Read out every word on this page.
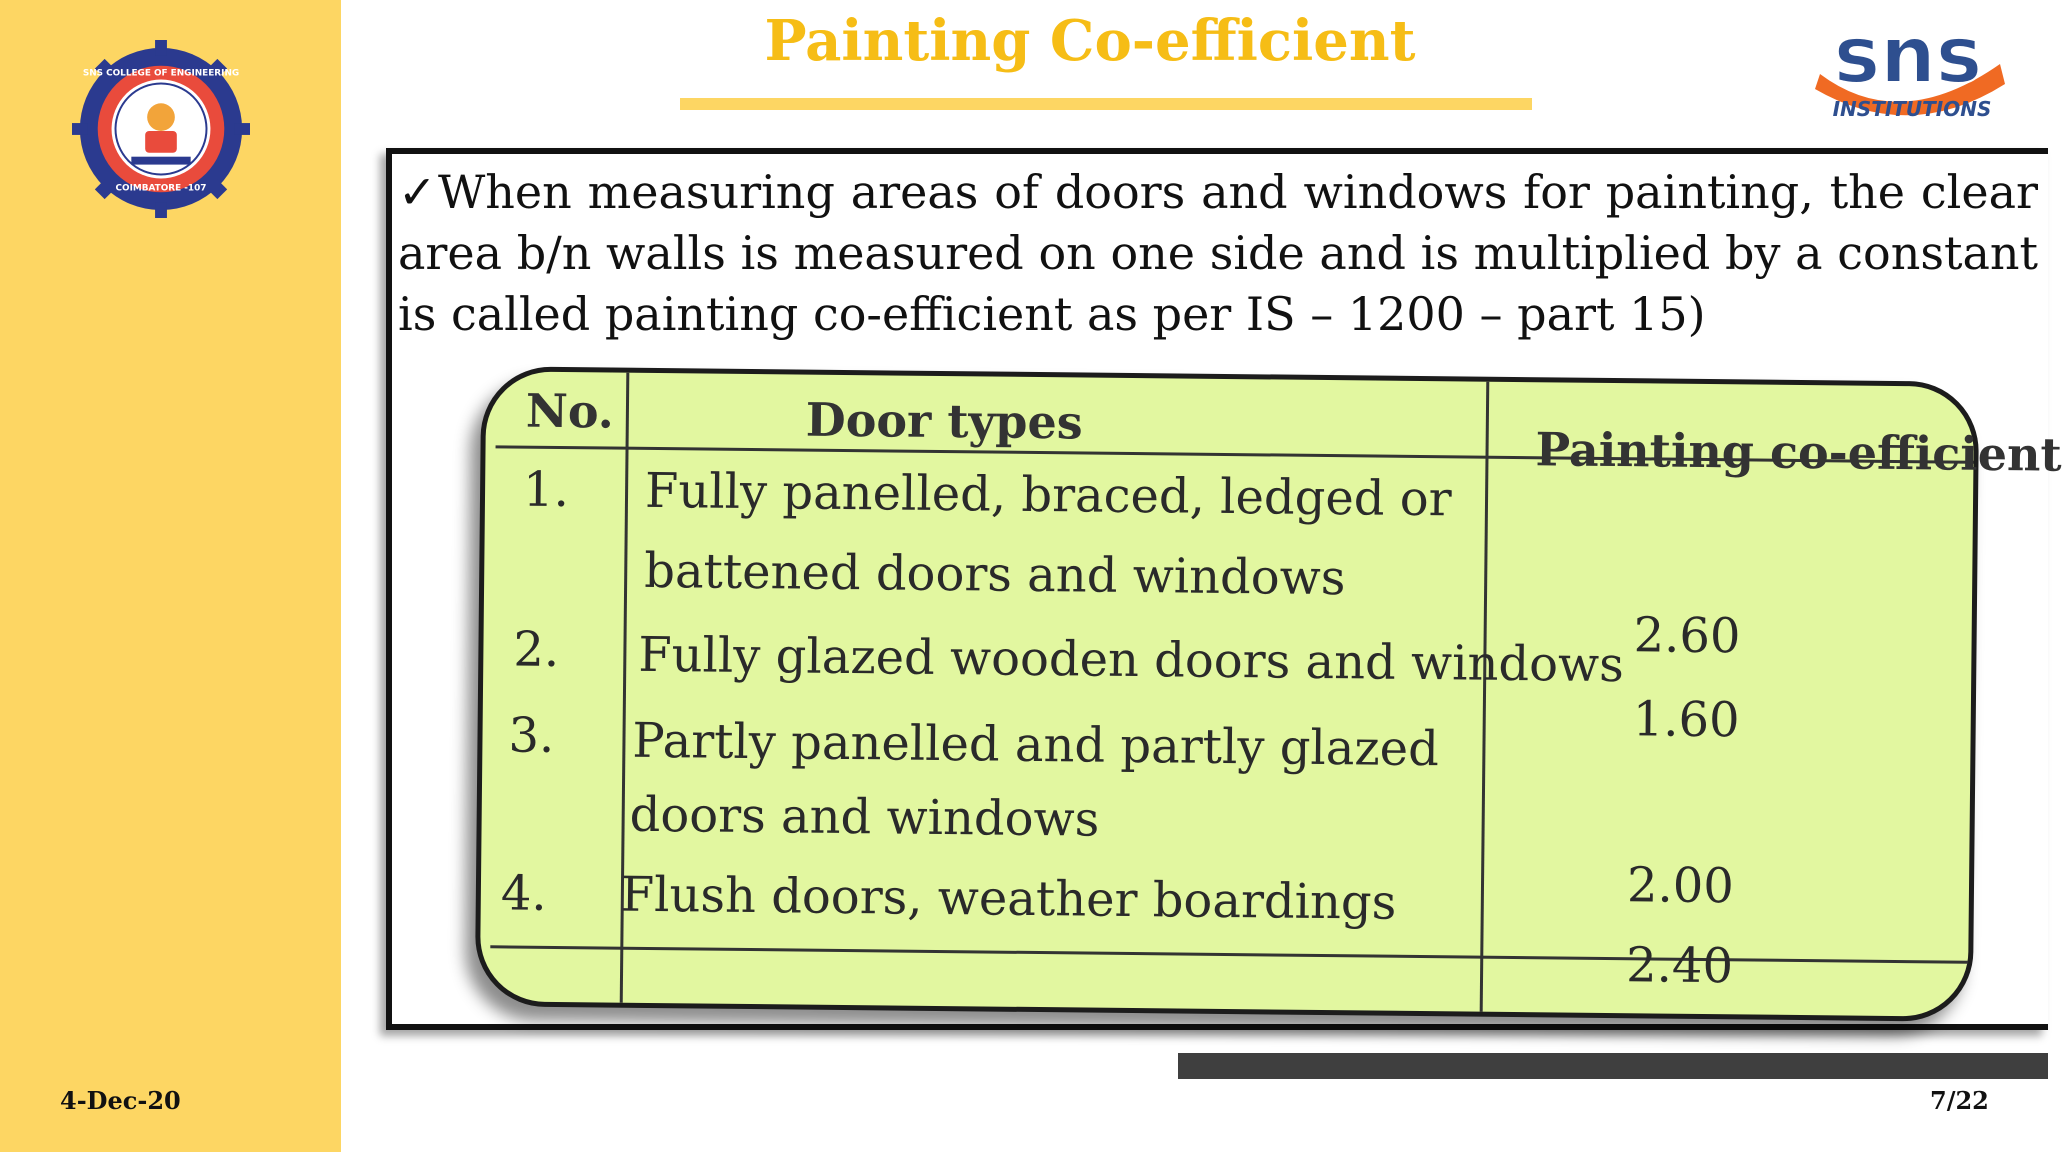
SNS COLLEGE OF ENGINEERING
COIMBATORE -107
4-Dec-20
Painting Co-efficient	sns
INSTITUTIONS
✓When measuring areas of doors and windows for painting, the clear area b/n walls is measured on one side and is multiplied by a constant is called painting co-efficient as per IS – 1200 – part 15)
No.	Door types
Painting co-efficient
1. Fully panelled, braced, ledged or
battened doors and windows
2.60
2. Fully glazed wooden doors and windows
1.60
3. Partly panelled and partly glazed
doors and windows
2.00
4. Flush doors, weather boardings
2.40
7/22
